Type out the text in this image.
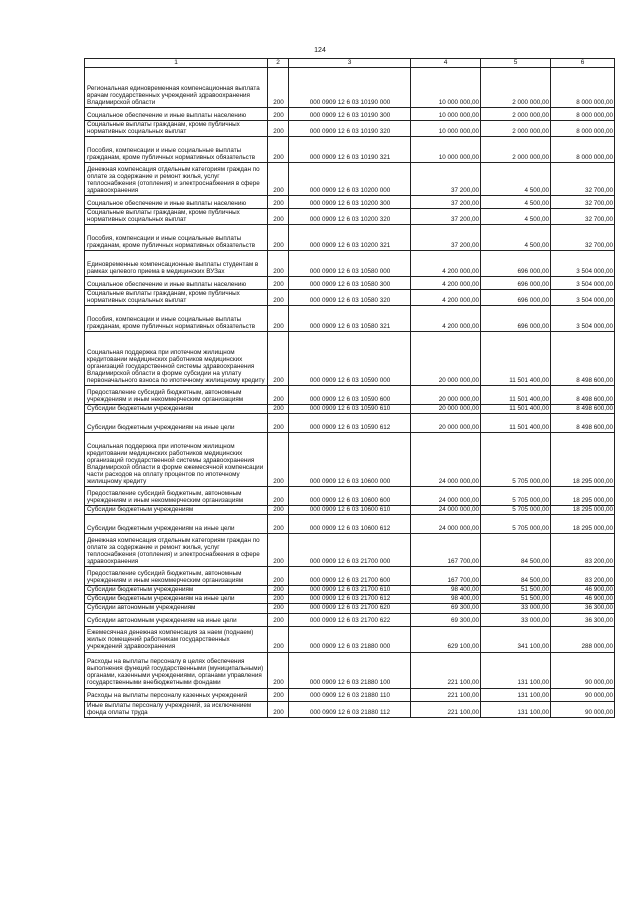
124
1	2	3	4	5	6
Региональная единовременная компенсационная выплата врачам государственных учреждений здравоохранения Владимирской области	200	000 0909 12 6 03 10190 000	10 000 000,00	2 000 000,00	8 000 000,00
Социальное обеспечение и иные выплаты населению	200	000 0909 12 6 03 10190 300	10 000 000,00	2 000 000,00	8 000 000,00
Социальные выплаты гражданам, кроме публичных нормативных социальных выплат	200	000 0909 12 6 03 10190 320	10 000 000,00	2 000 000,00	8 000 000,00
Пособия, компенсации и иные социальные выплаты гражданам, кроме публичных нормативных обязательств	200	000 0909 12 6 03 10190 321	10 000 000,00	2 000 000,00	8 000 000,00
Денежная компенсация отдельным категориям граждан по оплате за содержание и ремонт жилья, услуг теплоснабжения (отопления) и электроснабжения в сфере здравоохранения	200	000 0909 12 6 03 10200 000	37 200,00	4 500,00	32 700,00
Социальное обеспечение и иные выплаты населению	200	000 0909 12 6 03 10200 300	37 200,00	4 500,00	32 700,00
Социальные выплаты гражданам, кроме публичных нормативных социальных выплат	200	000 0909 12 6 03 10200 320	37 200,00	4 500,00	32 700,00
Пособия, компенсации и иные социальные выплаты гражданам, кроме публичных нормативных обязательств	200	000 0909 12 6 03 10200 321	37 200,00	4 500,00	32 700,00
Единовременные компенсационные выплаты студентам в рамках целевого приема в медицинских ВУЗах	200	000 0909 12 6 03 10580 000	4 200 000,00	696 000,00	3 504 000,00
Социальное обеспечение и иные выплаты населению	200	000 0909 12 6 03 10580 300	4 200 000,00	696 000,00	3 504 000,00
Социальные выплаты гражданам, кроме публичных нормативных социальных выплат	200	000 0909 12 6 03 10580 320	4 200 000,00	696 000,00	3 504 000,00
Пособия, компенсации и иные социальные выплаты гражданам, кроме публичных нормативных обязательств	200	000 0909 12 6 03 10580 321	4 200 000,00	696 000,00	3 504 000,00
Социальная поддержка при ипотечном жилищном кредитовании медицинских работников медицинских организаций государственной системы здравоохранения Владимирской области в форме субсидии на уплату первоначального взноса по ипотечному жилищному кредиту	200	000 0909 12 6 03 10590 000	20 000 000,00	11 501 400,00	8 498 600,00
Предоставление субсидий бюджетным, автономным учреждениям и иным некоммерческим организациям	200	000 0909 12 6 03 10590 600	20 000 000,00	11 501 400,00	8 498 600,00
Субсидии бюджетным учреждениям	200	000 0909 12 6 03 10590 610	20 000 000,00	11 501 400,00	8 498 600,00
Субсидии бюджетным учреждениям на иные цели	200	000 0909 12 6 03 10590 612	20 000 000,00	11 501 400,00	8 498 600,00
Социальная поддержка при ипотечном жилищном кредитовании медицинских работников медицинских организаций государственной системы здравоохранения Владимирской области в форме ежемесячной компенсации части расходов на оплату процентов по ипотечному жилищному кредиту	200	000 0909 12 6 03 10600 000	24 000 000,00	5 705 000,00	18 295 000,00
Предоставление субсидий бюджетным, автономным учреждениям и иным некоммерческим организациям	200	000 0909 12 6 03 10600 600	24 000 000,00	5 705 000,00	18 295 000,00
Субсидии бюджетным учреждениям	200	000 0909 12 6 03 10600 610	24 000 000,00	5 705 000,00	18 295 000,00
Субсидии бюджетным учреждениям на иные цели	200	000 0909 12 6 03 10600 612	24 000 000,00	5 705 000,00	18 295 000,00
Денежная компенсация отдельным категориям граждан по оплате за содержание и ремонт жилья, услуг теплоснабжения (отопления) и электроснабжения в сфере здравоохранения	200	000 0909 12 6 03 21700 000	167 700,00	84 500,00	83 200,00
Предоставление субсидий бюджетным, автономным учреждениям и иным некоммерческим организациям	200	000 0909 12 6 03 21700 600	167 700,00	84 500,00	83 200,00
Субсидии бюджетным учреждениям	200	000 0909 12 6 03 21700 610	98 400,00	51 500,00	46 900,00
Субсидии бюджетным учреждениям на иные цели	200	000 0909 12 6 03 21700 612	98 400,00	51 500,00	46 900,00
Субсидии автономным учреждениям	200	000 0909 12 6 03 21700 620	69 300,00	33 000,00	36 300,00
Субсидии автономным учреждениям на иные цели	200	000 0909 12 6 03 21700 622	69 300,00	33 000,00	36 300,00
Ежемесячная денежная компенсация за наем (поднаем) жилых помещений работникам государственных учреждений здравоохранения	200	000 0909 12 6 03 21880 000	629 100,00	341 100,00	288 000,00
Расходы на выплаты персоналу в целях обеспечения выполнения функций государственными (муниципальными) органами, казенными учреждениями, органами управления государственными внебюджетными фондами	200	000 0909 12 6 03 21880 100	221 100,00	131 100,00	90 000,00
Расходы на выплаты персоналу казенных учреждений	200	000 0909 12 6 03 21880 110	221 100,00	131 100,00	90 000,00
Иные выплаты персоналу учреждений, за исключением фонда оплаты труда	200	000 0909 12 6 03 21880 112	221 100,00	131 100,00	90 000,00
